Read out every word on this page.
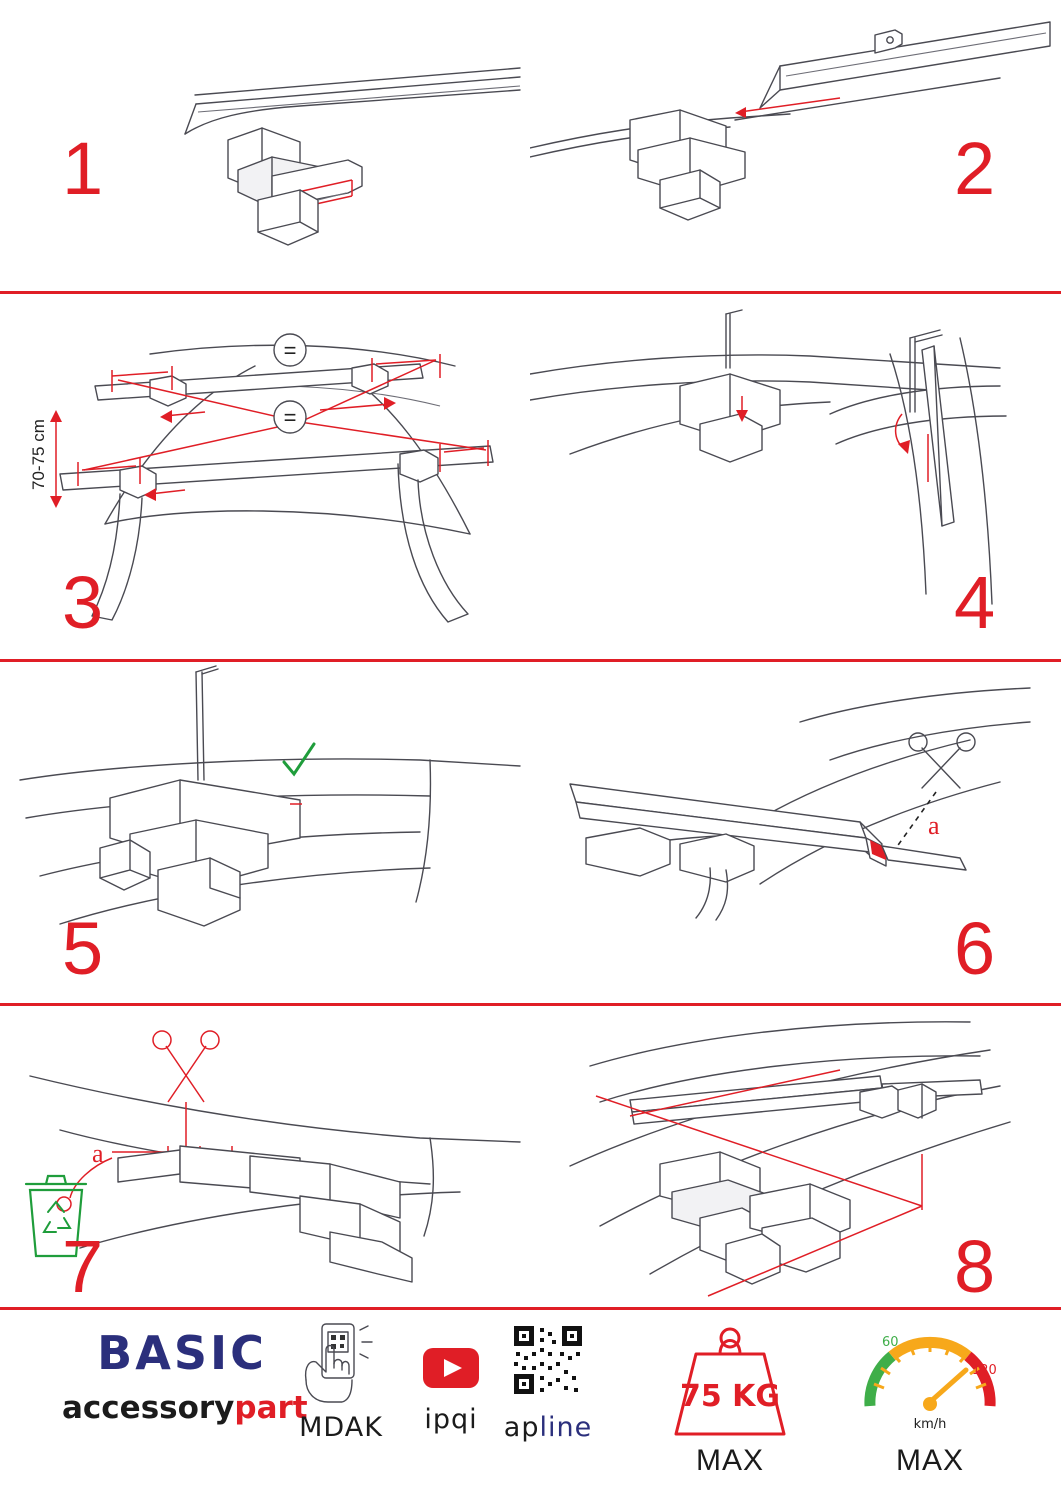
1	2
=
=
70-75 cm
3	4
5
a
6
a
7	8
BASIC
accessorypart
MDAK	ipqi apline
75 KG
MAX
60
120
km/h
MAX
